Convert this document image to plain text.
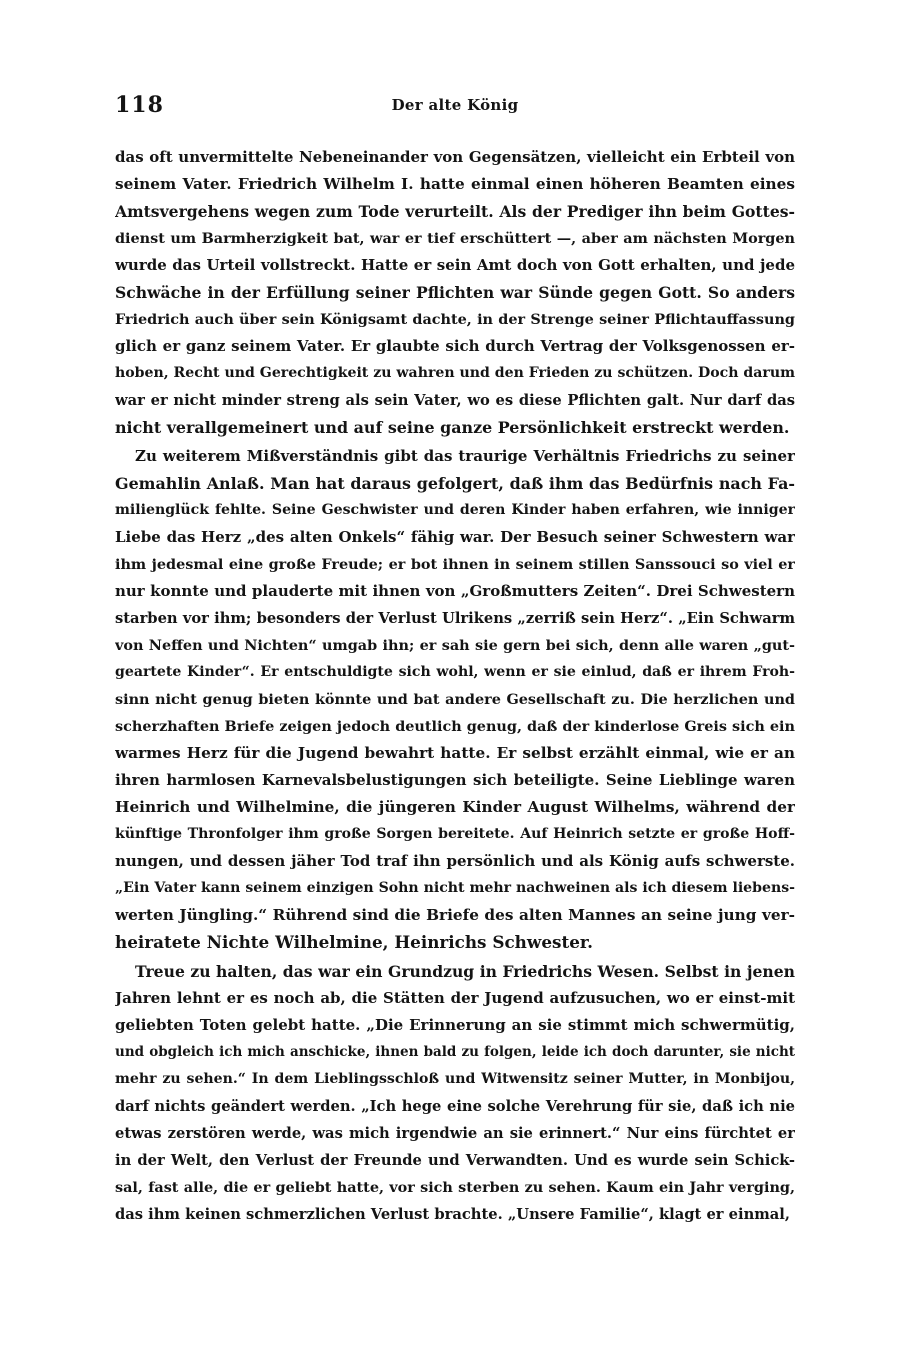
118	Der alte König
das oft unvermittelte Nebeneinander von Gegensätzen, vielleicht ein Erbteil von
seinem Vater. Friedrich Wilhelm I. hatte einmal einen höheren Beamten eines
Amtsvergehens wegen zum Tode verurteilt. Als der Prediger ihn beim Gottes-
dienst um Barmherzigkeit bat, war er tief erschüttert —, aber am nächsten Morgen
wurde das Urteil vollstreckt. Hatte er sein Amt doch von Gott erhalten, und jede
Schwäche in der Erfüllung seiner Pflichten war Sünde gegen Gott. So anders
Friedrich auch über sein Königsamt dachte, in der Strenge seiner Pflichtauffassung
glich er ganz seinem Vater. Er glaubte sich durch Vertrag der Volksgenossen er-
hoben, Recht und Gerechtigkeit zu wahren und den Frieden zu schützen. Doch darum
war er nicht minder streng als sein Vater, wo es diese Pflichten galt. Nur darf das
nicht verallgemeinert und auf seine ganze Persönlichkeit erstreckt werden.
Zu weiterem Mißverständnis gibt das traurige Verhältnis Friedrichs zu seiner
Gemahlin Anlaß. Man hat daraus gefolgert, daß ihm das Bedürfnis nach Fa-
milienglück fehlte. Seine Geschwister und deren Kinder haben erfahren, wie inniger
Liebe das Herz „des alten Onkels“ fähig war. Der Besuch seiner Schwestern war
ihm jedesmal eine große Freude; er bot ihnen in seinem stillen Sanssouci so viel er
nur konnte und plauderte mit ihnen von „Großmutters Zeiten“. Drei Schwestern
starben vor ihm; besonders der Verlust Ulrikens „zerriß sein Herz“. „Ein Schwarm
von Neffen und Nichten“ umgab ihn; er sah sie gern bei sich, denn alle waren „gut-
geartete Kinder“. Er entschuldigte sich wohl, wenn er sie einlud, daß er ihrem Froh-
sinn nicht genug bieten könnte und bat andere Gesellschaft zu. Die herzlichen und
scherzhaften Briefe zeigen jedoch deutlich genug, daß der kinderlose Greis sich ein
warmes Herz für die Jugend bewahrt hatte. Er selbst erzählt einmal, wie er an
ihren harmlosen Karnevalsbelustigungen sich beteiligte. Seine Lieblinge waren
Heinrich und Wilhelmine, die jüngeren Kinder August Wilhelms, während der
künftige Thronfolger ihm große Sorgen bereitete. Auf Heinrich setzte er große Hoff-
nungen, und dessen jäher Tod traf ihn persönlich und als König aufs schwerste.
„Ein Vater kann seinem einzigen Sohn nicht mehr nachweinen als ich diesem liebens-
werten Jüngling.“ Rührend sind die Briefe des alten Mannes an seine jung ver-
heiratete Nichte Wilhelmine, Heinrichs Schwester.
Treue zu halten, das war ein Grundzug in Friedrichs Wesen. Selbst in jenen
Jahren lehnt er es noch ab, die Stätten der Jugend aufzusuchen, wo er einst-mit
geliebten Toten gelebt hatte. „Die Erinnerung an sie stimmt mich schwermütig,
und obgleich ich mich anschicke, ihnen bald zu folgen, leide ich doch darunter, sie nicht
mehr zu sehen.“ In dem Lieblingsschloß und Witwensitz seiner Mutter, in Monbijou,
darf nichts geändert werden. „Ich hege eine solche Verehrung für sie, daß ich nie
etwas zerstören werde, was mich irgendwie an sie erinnert.“ Nur eins fürchtet er
in der Welt, den Verlust der Freunde und Verwandten. Und es wurde sein Schick-
sal, fast alle, die er geliebt hatte, vor sich sterben zu sehen. Kaum ein Jahr verging,
das ihm keinen schmerzlichen Verlust brachte. „Unsere Familie“, klagt er einmal,
